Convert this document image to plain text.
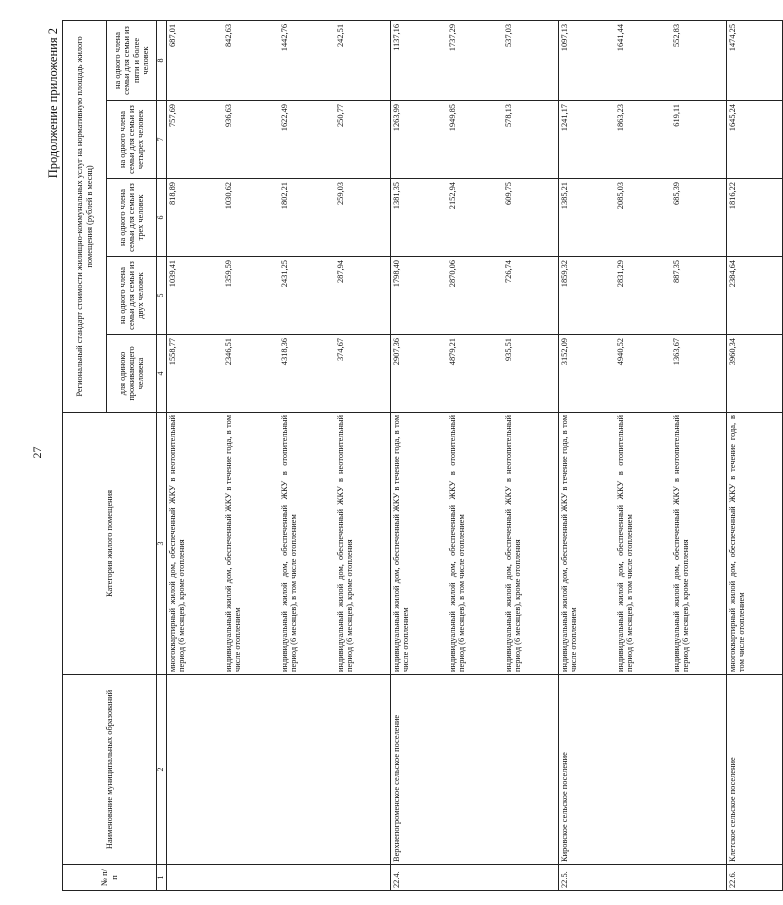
27
Продолжение приложения 2
№ п/п	Наименование муниципальных образований	Категория жилого помещения	Региональный стандарт стоимости жилищно-коммунальных услуг на нормативную площадь жилого помещения (рублей в месяц)				
			для одиноко проживающего человека	на одного члена семьи для семьи из двух человек	на одного члена семьи для семьи из трех человек	на одного члена семьи для семьи из четырех человек	на одного члена семьи для семьи из пяти и более человек
1	2	3	4	5	6	7	8
		многоквартирный жилой дом, обеспеченный ЖКУ в неотопительный период (6 месяцев), кроме отопления	1558,77	1039,41	818,89	757,69	687,01
		индивидуальный жилой дом, обеспеченный ЖКУ в течение года, в том числе отоплением	2346,51	1359,59	1030,62	936,63	842,63
		индивидуальный жилой дом, обеспеченный ЖКУ в отопительный период (6 месяцев), в том числе отоплением	4318,36	2431,25	1802,21	1622,49	1442,76
		индивидуальный жилой дом, обеспеченный ЖКУ в неотопительный период (6 месяцев), кроме отопления	374,67	287,94	259,03	250,77	242,51
22.4.	Верхнепогроменское сельское поселение	индивидуальный жилой дом, обеспеченный ЖКУ в течение года, в том числе отоплением	2907,36	1798,40	1381,35	1263,99	1137,16
		индивидуальный жилой дом, обеспеченный ЖКУ в отопительный период (6 месяцев), в том числе отоплением	4879,21	2870,06	2152,94	1949,85	1737,29
		индивидуальный жилой дом, обеспеченный ЖКУ в неотопительный период (6 месяцев), кроме отопления	935,51	726,74	609,75	578,13	537,03
22.5.	Кировское сельское поселение	индивидуальный жилой дом, обеспеченный ЖКУ в течение года, в том числе отоплением	3152,09	1859,32	1385,21	1241,17	1097,13
		индивидуальный жилой дом, обеспеченный ЖКУ в отопительный период (6 месяцев), в том числе отоплением	4940,52	2831,29	2085,03	1863,23	1641,44
		индивидуальный жилой дом, обеспеченный ЖКУ в неотопительный период (6 месяцев), кроме отопления	1363,67	887,35	685,39	619,11	552,83
22.6.	Клетское сельское поселение	многоквартирный жилой дом, обеспеченный ЖКУ в течение года, в том числе отоплением	3960,34	2384,64	1816,22	1645,24	1474,25
